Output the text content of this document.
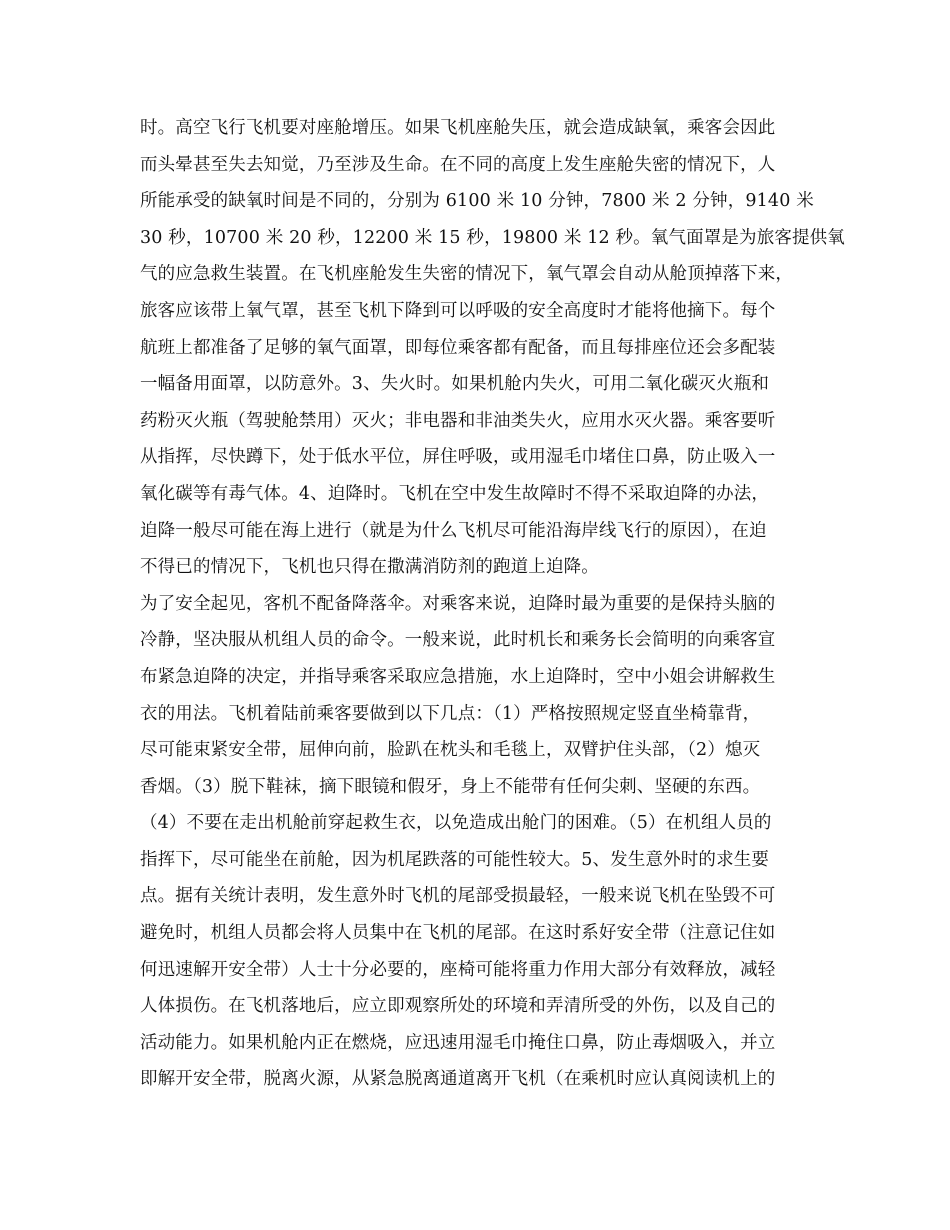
时。高空飞行飞机要对座舱增压。如果飞机座舱失压，就会造成缺氧，乘客会因此
而头晕甚至失去知觉，乃至涉及生命。在不同的高度上发生座舱失密的情况下，人
所能承受的缺氧时间是不同的，分别为 6100 米 10 分钟，7800 米 2 分钟，9140 米
30 秒，10700 米 20 秒，12200 米 15 秒，19800 米 12 秒。氧气面罩是为旅客提供氧
气的应急救生装置。在飞机座舱发生失密的情况下，氧气罩会自动从舱顶掉落下来，
旅客应该带上氧气罩，甚至飞机下降到可以呼吸的安全高度时才能将他摘下。每个
航班上都准备了足够的氧气面罩，即每位乘客都有配备，而且每排座位还会多配装
一幅备用面罩，以防意外。3、失火时。如果机舱内失火，可用二氧化碳灭火瓶和
药粉灭火瓶（驾驶舱禁用）灭火；非电器和非油类失火，应用水灭火器。乘客要听
从指挥，尽快蹲下，处于低水平位，屏住呼吸，或用湿毛巾堵住口鼻，防止吸入一
氧化碳等有毒气体。4、迫降时。飞机在空中发生故障时不得不采取迫降的办法，
迫降一般尽可能在海上进行（就是为什么飞机尽可能沿海岸线飞行的原因），在迫
不得已的情况下，飞机也只得在撒满消防剂的跑道上迫降。
为了安全起见，客机不配备降落伞。对乘客来说，迫降时最为重要的是保持头脑的
冷静，坚决服从机组人员的命令。一般来说，此时机长和乘务长会简明的向乘客宣
布紧急迫降的决定，并指导乘客采取应急措施，水上迫降时，空中小姐会讲解救生
衣的用法。飞机着陆前乘客要做到以下几点：（1）严格按照规定竖直坐椅靠背，
尽可能束紧安全带，屈伸向前，脸趴在枕头和毛毯上，双臂护住头部，（2）熄灭
香烟。（3）脱下鞋袜，摘下眼镜和假牙，身上不能带有任何尖刺、坚硬的东西。
（4）不要在走出机舱前穿起救生衣，以免造成出舱门的困难。（5）在机组人员的
指挥下，尽可能坐在前舱，因为机尾跌落的可能性较大。5、发生意外时的求生要
点。据有关统计表明，发生意外时飞机的尾部受损最轻，一般来说飞机在坠毁不可
避免时，机组人员都会将人员集中在飞机的尾部。在这时系好安全带（注意记住如
何迅速解开安全带）人士十分必要的，座椅可能将重力作用大部分有效释放，减轻
人体损伤。在飞机落地后，应立即观察所处的环境和弄清所受的外伤，以及自己的
活动能力。如果机舱内正在燃烧，应迅速用湿毛巾掩住口鼻，防止毒烟吸入，并立
即解开安全带，脱离火源，从紧急脱离通道离开飞机（在乘机时应认真阅读机上的
